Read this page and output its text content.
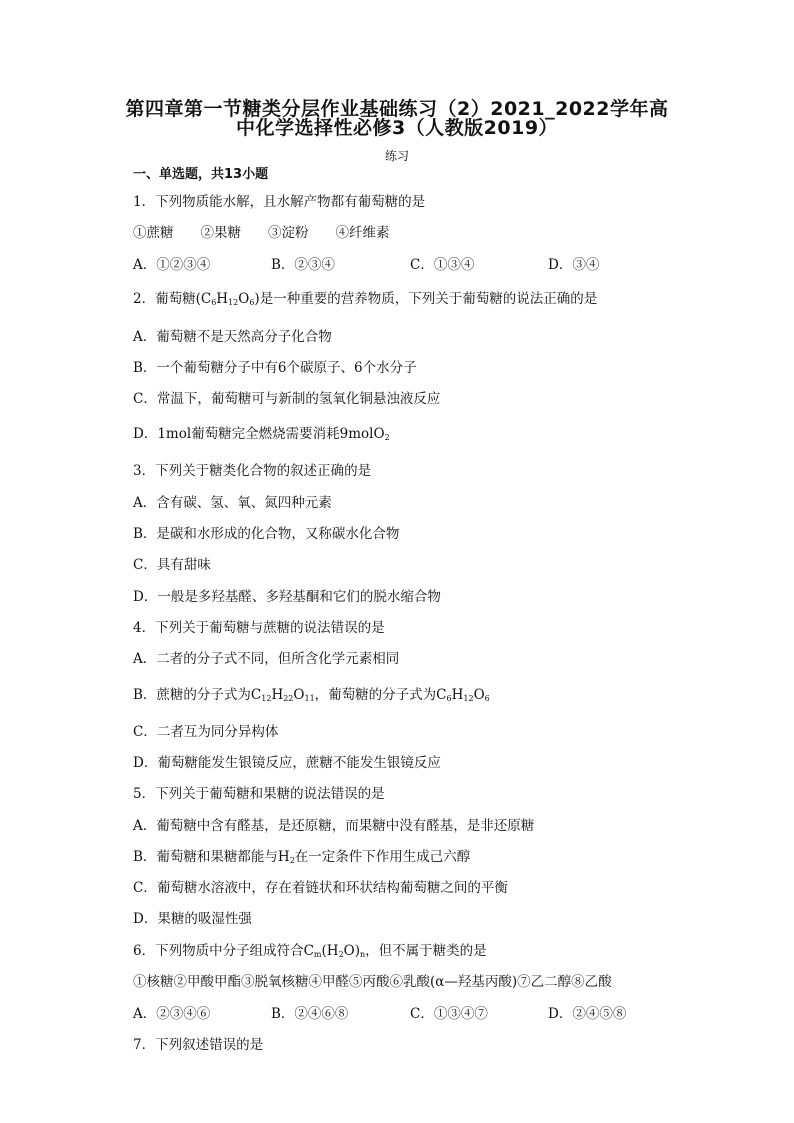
第四章第一节糖类分层作业基础练习（2）2021_2022学年高
中化学选择性必修3（人教版2019）
练习
一、单选题，共13小题
1．下列物质能水解，且水解产物都有葡萄糖的是
①蔗糖　　②果糖　　③淀粉　　④纤维素
A．①②③④	B．②③④	C．①③④	D．③④
2．葡萄糖$(C_6H_{12}O_6)$是一种重要的营养物质，下列关于葡萄糖的说法正确的是
A．葡萄糖不是天然高分子化合物
B．一个葡萄糖分子中有6个碳原子、6个水分子
C．常温下，葡萄糖可与新制的氢氧化铜悬浊液反应
D．1mol葡萄糖完全燃烧需要消耗9molO$_2$
3．下列关于糖类化合物的叙述正确的是
A．含有碳、氢、氧、氮四种元素
B．是碳和水形成的化合物，又称碳水化合物
C．具有甜味
D．一般是多羟基醛、多羟基酮和它们的脱水缩合物
4．下列关于葡萄糖与蔗糖的说法错误的是
A．二者的分子式不同，但所含化学元素相同
B．蔗糖的分子式为$C_{12}H_{22}O_{11}$，葡萄糖的分子式为$C_6H_{12}O_6$
C．二者互为同分异构体
D．葡萄糖能发生银镜反应，蔗糖不能发生银镜反应
5．下列关于葡萄糖和果糖的说法错误的是
A．葡萄糖中含有醛基，是还原糖，而果糖中没有醛基，是非还原糖
B．葡萄糖和果糖都能与$H_2$在一定条件下作用生成己六醇
C．葡萄糖水溶液中，存在着链状和环状结构葡萄糖之间的平衡
D．果糖的吸湿性强
6．下列物质中分子组成符合$C_m(H_2O)_n$，但不属于糖类的是
①核糖②甲酸甲酯③脱氧核糖④甲醛⑤丙酸⑥乳酸(α—羟基丙酸)⑦乙二醇⑧乙酸
A．②③④⑥	B．②④⑥⑧	C．①③④⑦	D．②④⑤⑧
7．下列叙述错误的是
